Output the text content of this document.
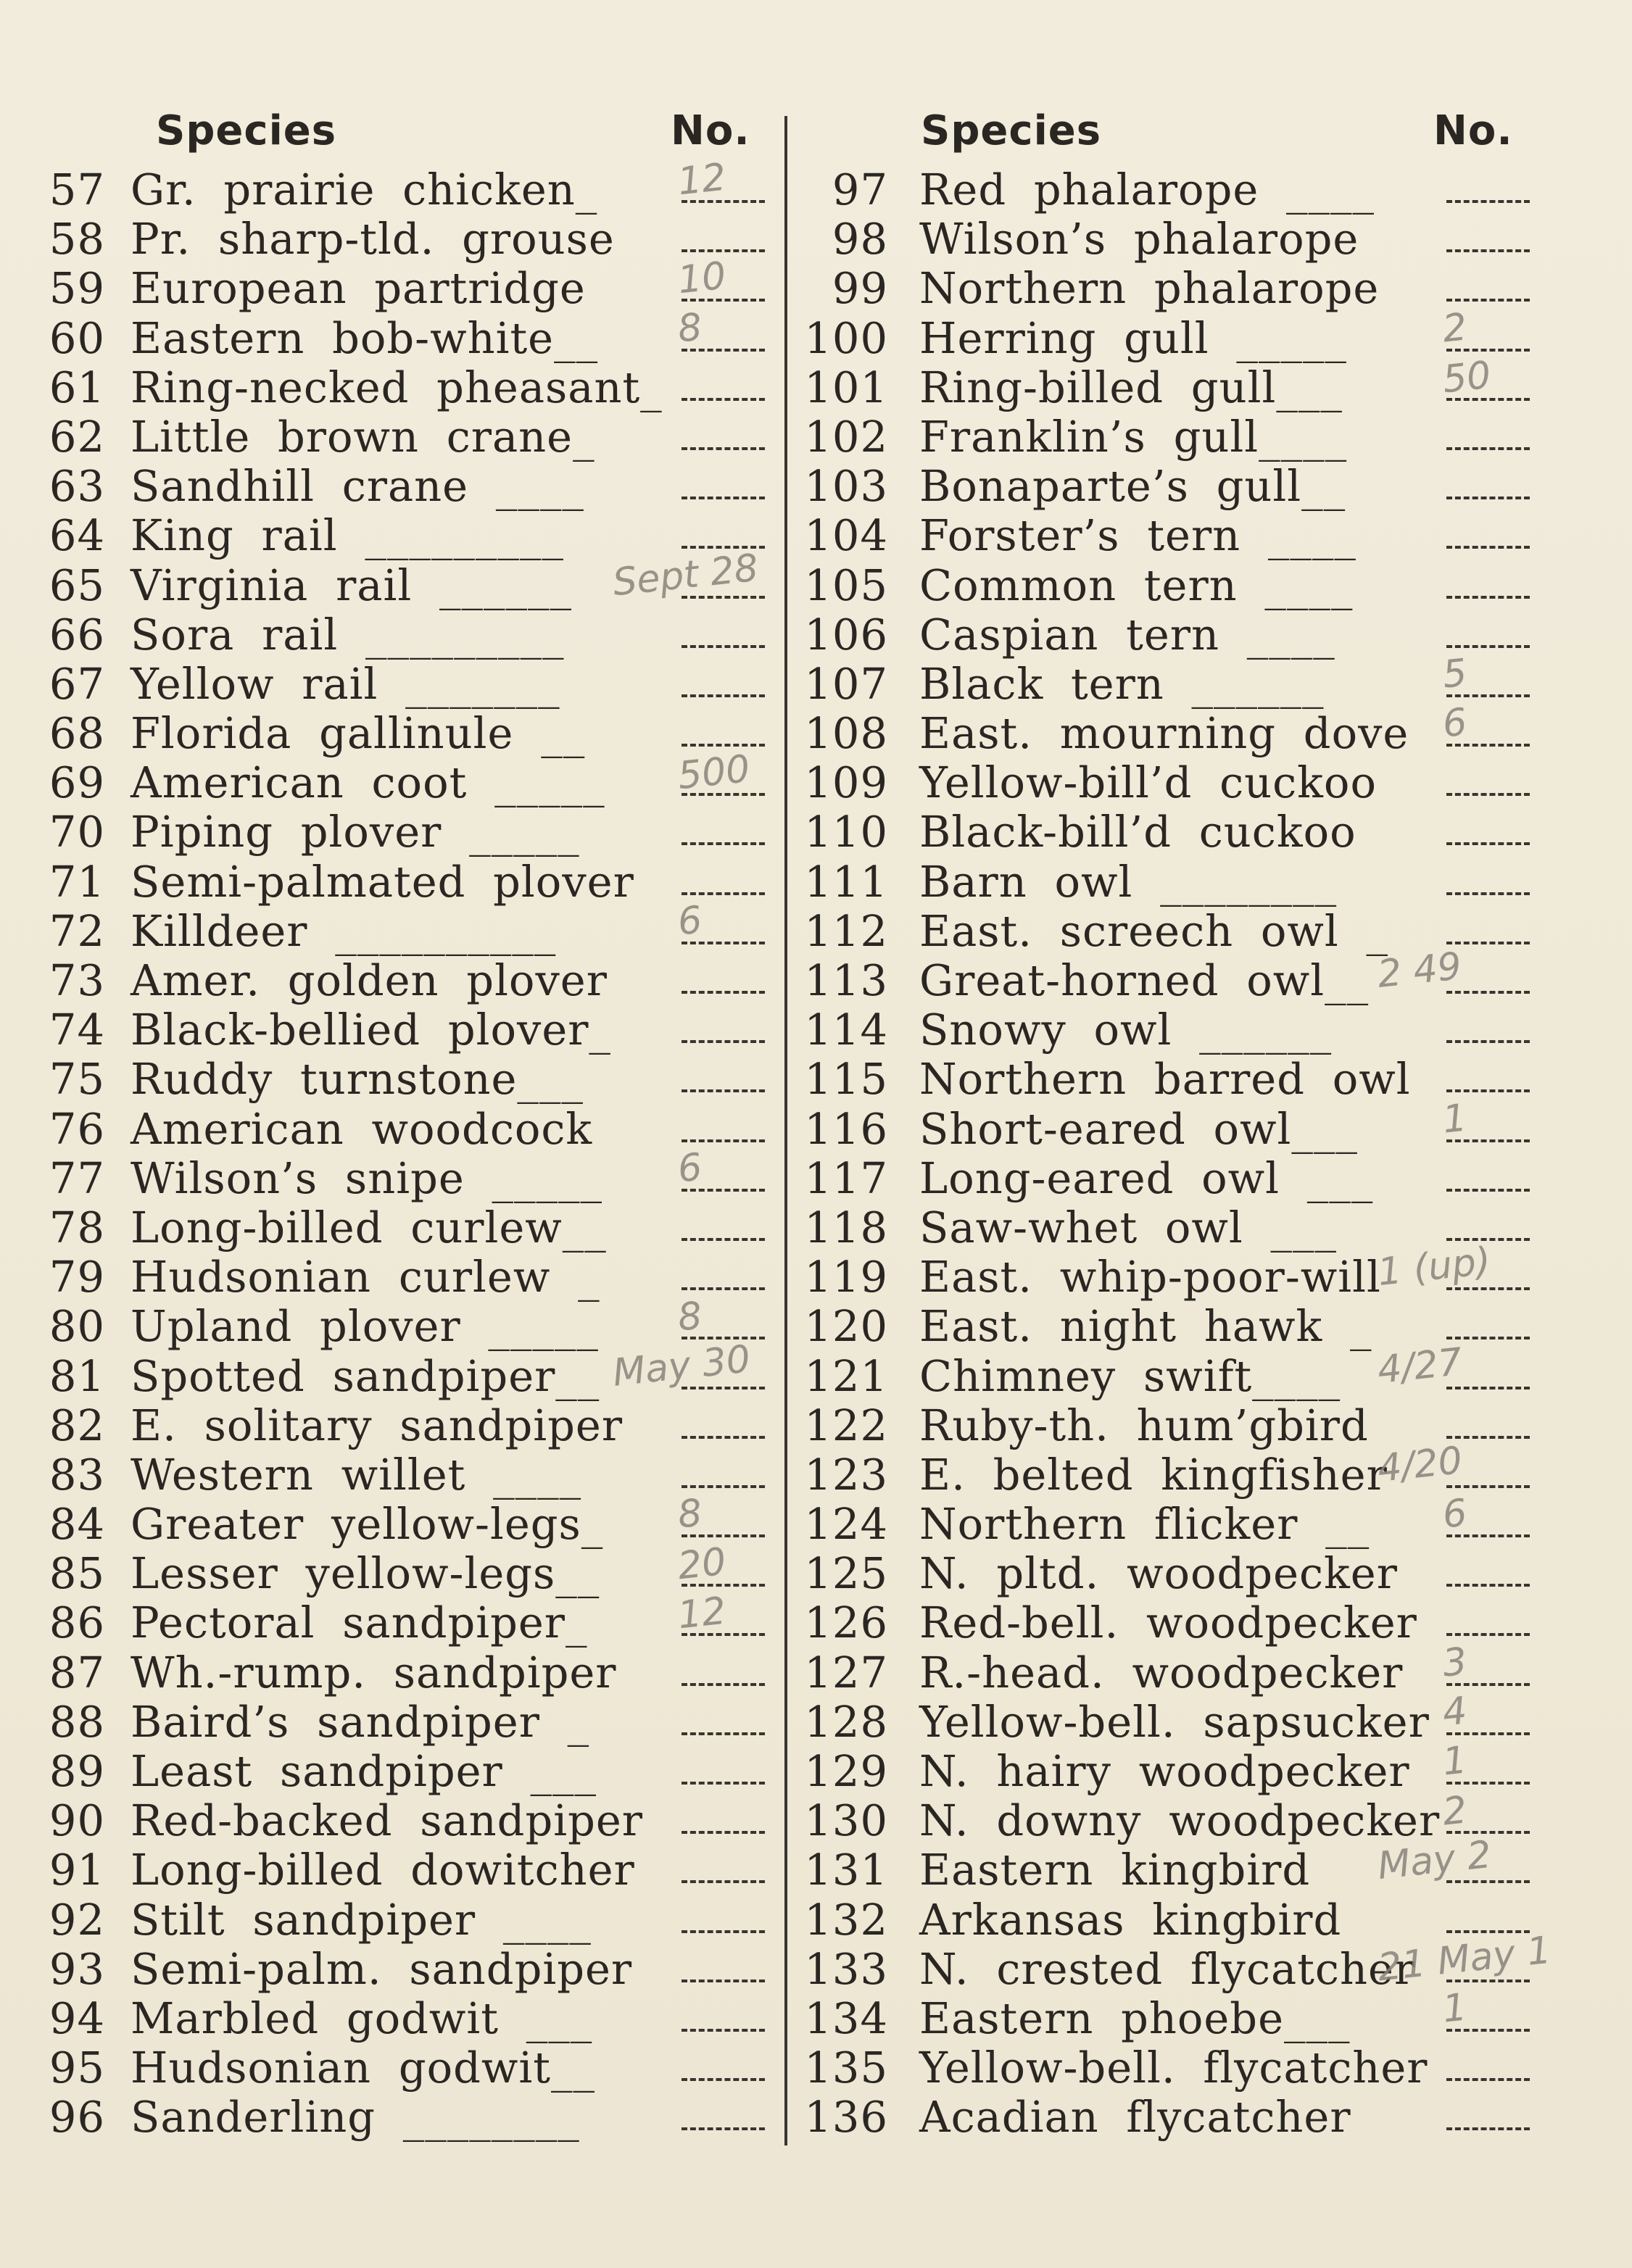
Species	No.
57 Gr. prairie chicken_
58 Pr. sharp-tld. grouse
59 European partridge
60 Eastern bob-white__
61 Ring-necked pheasant_
62 Little brown crane_
63 Sandhill crane ____
64 King rail _________
65 Virginia rail ______
66 Sora rail _________
67 Yellow rail _______
68 Florida gallinule __
69 American coot _____
70 Piping plover _____
71 Semi-palmated plover
72 Killdeer __________
73 Amer. golden plover
74 Black-bellied plover_
75 Ruddy turnstone___
76 American woodcock
77 Wilson’s snipe _____
78 Long-billed curlew__
79 Hudsonian curlew _
80 Upland plover _____
81 Spotted sandpiper__
82 E. solitary sandpiper
83 Western willet ____
84 Greater yellow-legs_
85 Lesser yellow-legs__
86 Pectoral sandpiper_
87 Wh.-rump. sandpiper
88 Baird’s sandpiper _
89 Least sandpiper ___
90 Red-backed sandpiper
91 Long-billed dowitcher
92 Stilt sandpiper ____
93 Semi-palm. sandpiper
94 Marbled godwit ___
95 Hudsonian godwit__
96 Sanderling ________
Species	No.
97 Red phalarope ____
98 Wilson’s phalarope
99 Northern phalarope
100 Herring gull _____
101 Ring-billed gull___
102 Franklin’s gull____
103 Bonaparte’s gull__
104 Forster’s tern ____
105 Common tern ____
106 Caspian tern ____
107 Black tern ______
108 East. mourning dove
109 Yellow-bill’d cuckoo
110 Black-bill’d cuckoo
111 Barn owl ________
112 East. screech owl _
113 Great-horned owl__
114 Snowy owl ______
115 Northern barred owl
116 Short-eared owl___
117 Long-eared owl ___
118 Saw-whet owl ___
119 East. whip-poor-will
120 East. night hawk _
121 Chimney swift____
122 Ruby-th. hum’gbird
123 E. belted kingfisher
124 Northern flicker __
125 N. pltd. woodpecker
126 Red-bell. woodpecker
127 R.-head. woodpecker
128 Yellow-bell. sapsucker
129 N. hairy woodpecker
130 N. downy woodpecker
131 Eastern kingbird
132 Arkansas kingbird
133 N. crested flycatcher
134 Eastern phoebe___
135 Yellow-bell. flycatcher
136 Acadian flycatcher
12
10
8
Sept 28
500
6
6
8
May 30
8
20
12
2
50
5
6
2 49
1
1 (up)
4/27
4/20
6
3
4
1
2
May 2
21 May 1
1
